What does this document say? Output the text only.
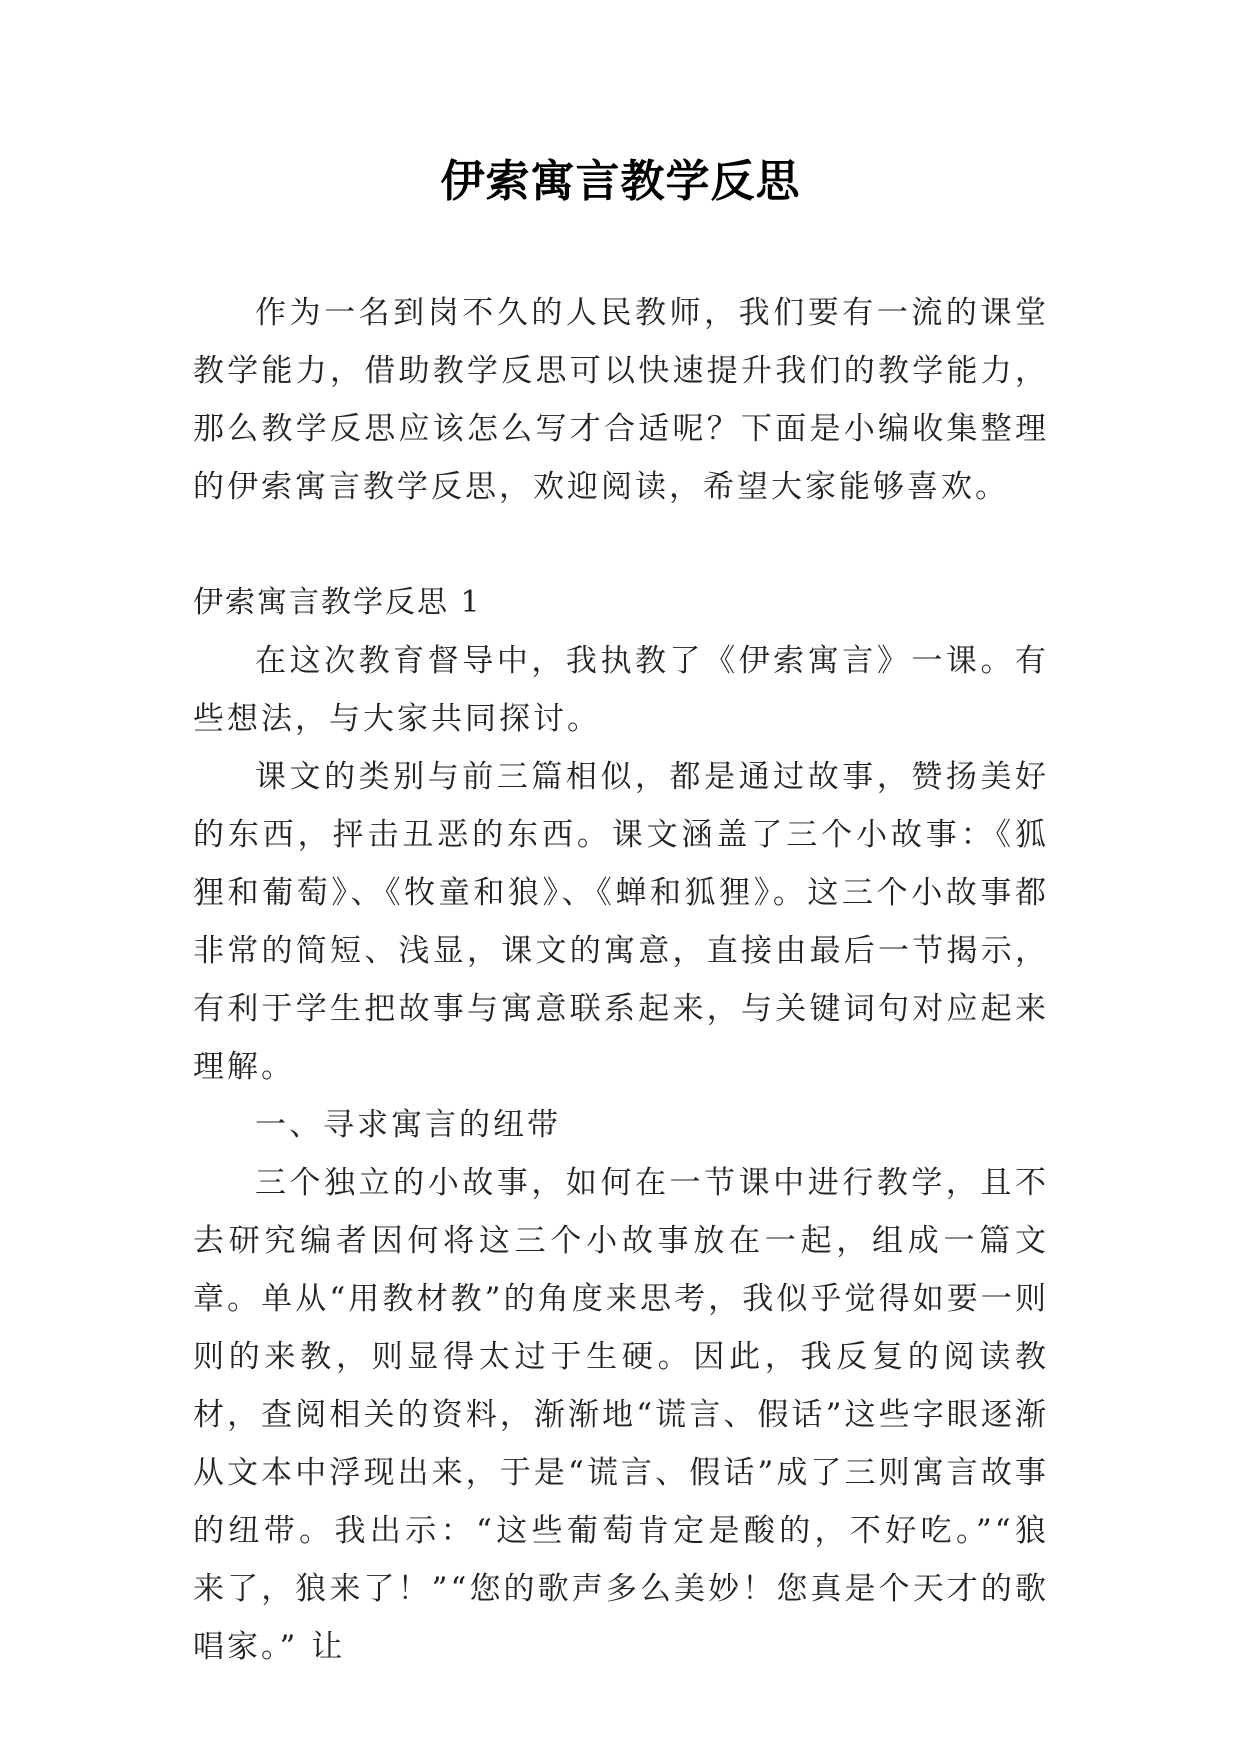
伊索寓言教学反思

作为一名到岗不久的人民教师，我们要有一流的课堂教学能力，借助教学反思可以快速提升我们的教学能力，那么教学反思应该怎么写才合适呢？下面是小编收集整理的伊索寓言教学反思，欢迎阅读，希望大家能够喜欢。

伊索寓言教学反思 1

在这次教育督导中，我执教了《伊索寓言》一课。有些想法，与大家共同探讨。

课文的类别与前三篇相似，都是通过故事，赞扬美好的东西，抨击丑恶的东西。课文涵盖了三个小故事：《狐狸和葡萄》、《牧童和狼》、《蝉和狐狸》。这三个小故事都非常的简短、浅显，课文的寓意，直接由最后一节揭示，有利于学生把故事与寓意联系起来，与关键词句对应起来理解。

一、寻求寓言的纽带

三个独立的小故事，如何在一节课中进行教学，且不去研究编者因何将这三个小故事放在一起，组成一篇文章。单从“用教材教”的角度来思考，我似乎觉得如要一则则的来教，则显得太过于生硬。因此，我反复的阅读教材，查阅相关的资料，渐渐地“谎言、假话”这些字眼逐渐从文本中浮现出来，于是“谎言、假话”成了三则寓言故事的纽带。我出示：“这些葡萄肯定是酸的，不好吃。”“狼来了，狼来了！”“您的歌声多么美妙！您真是个天才的歌唱家。” 让
